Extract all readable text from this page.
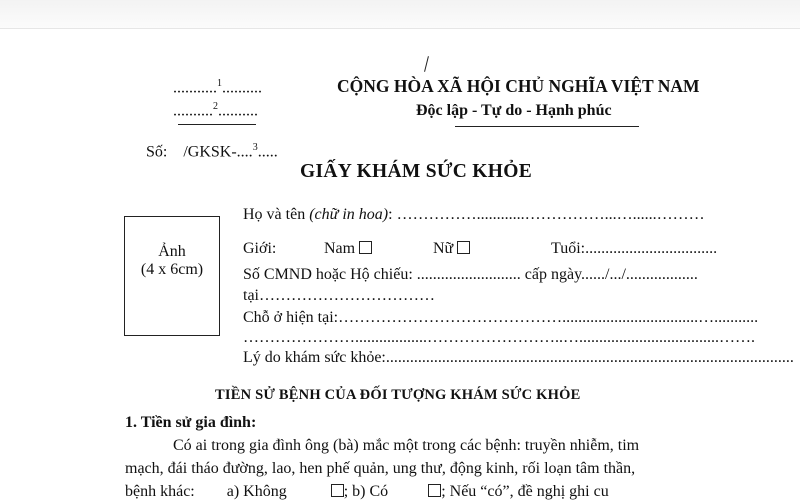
...........$^1$..........
..........$^2$..........
CỘNG HÒA XÃ HỘI CHỦ NGHĨA VIỆT NAM
Độc lập - Tự do - Hạnh phúc
Số: /GKSK-....$^3$.....
GIẤY KHÁM SỨC KHỎE
Ảnh
(4 x 6cm)
Họ và tên (chữ in hoa): ……………............……………...…......………
Giới:	Nam	Nữ	Tuổi:.................................
Số CMND hoặc Hộ chiếu: .......................... cấp ngày....../.../..................
tại……………………………
Chỗ ở hiện tại:……………………………………..................................…...........
…………………..................……………………..…...................................…….
Lý do khám sức khỏe:......................................................................................................
TIỀN SỬ BỆNH CỦA ĐỐI TƯỢNG KHÁM SỨC KHỎE
1. Tiền sử gia đình:
Có ai trong gia đình ông (bà) mắc một trong các bệnh: truyền nhiễm, tim
mạch, đái tháo đường, lao, hen phế quản, ung thư, động kinh, rối loạn tâm thần,
bệnh khác: a) Không	; b) Có	; Nếu “có”, đề nghị ghi cu
